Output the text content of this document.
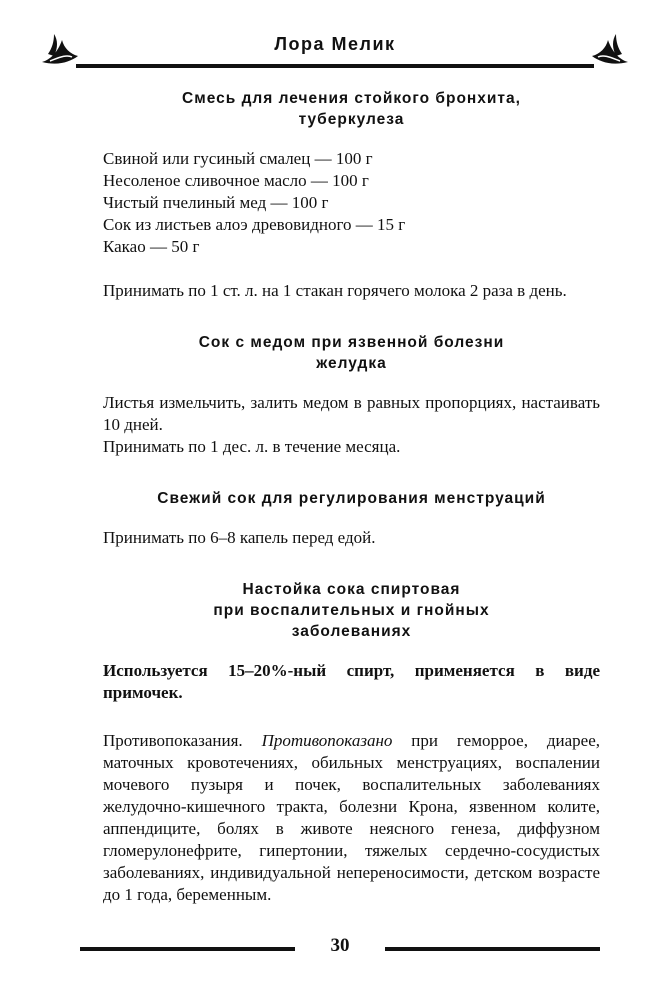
Лора Мелик
Смесь для лечения стойкого бронхита,
туберкулеза
Свиной или гусиный смалец — 100 г
Несоленое сливочное масло — 100 г
Чистый пчелиный мед — 100 г
Сок из листьев алоэ древовидного — 15 г
Какао — 50 г

Принимать по 1 ст. л. на 1 стакан горячего молока 2 раза в день.

Сок с медом при язвенной болезни
желудка

Листья измельчить, залить медом в равных пропорциях, настаивать 10 дней.

Принимать по 1 дес. л. в течение месяца.

Свежий сок для регулирования менструаций

Принимать по 6–8 капель перед едой.

Настойка сока спиртовая
при воспалительных и гнойных
заболеваниях

Используется 15–20%-ный спирт, применяется в виде примочек.

Противопоказания. Противопоказано при геморрое, диарее, маточных кровотечениях, обильных менструациях, воспалении мочевого пузыря и почек, воспалительных заболеваниях желудочно-кишечного тракта, болезни Крона, язвенном колите, аппендиците, болях в животе неясного генеза, диффузном гломерулонефрите, гипертонии, тяжелых сердечно-сосудистых заболеваниях, индивидуальной непереносимости, детском возрасте до 1 года, беременным.

30
